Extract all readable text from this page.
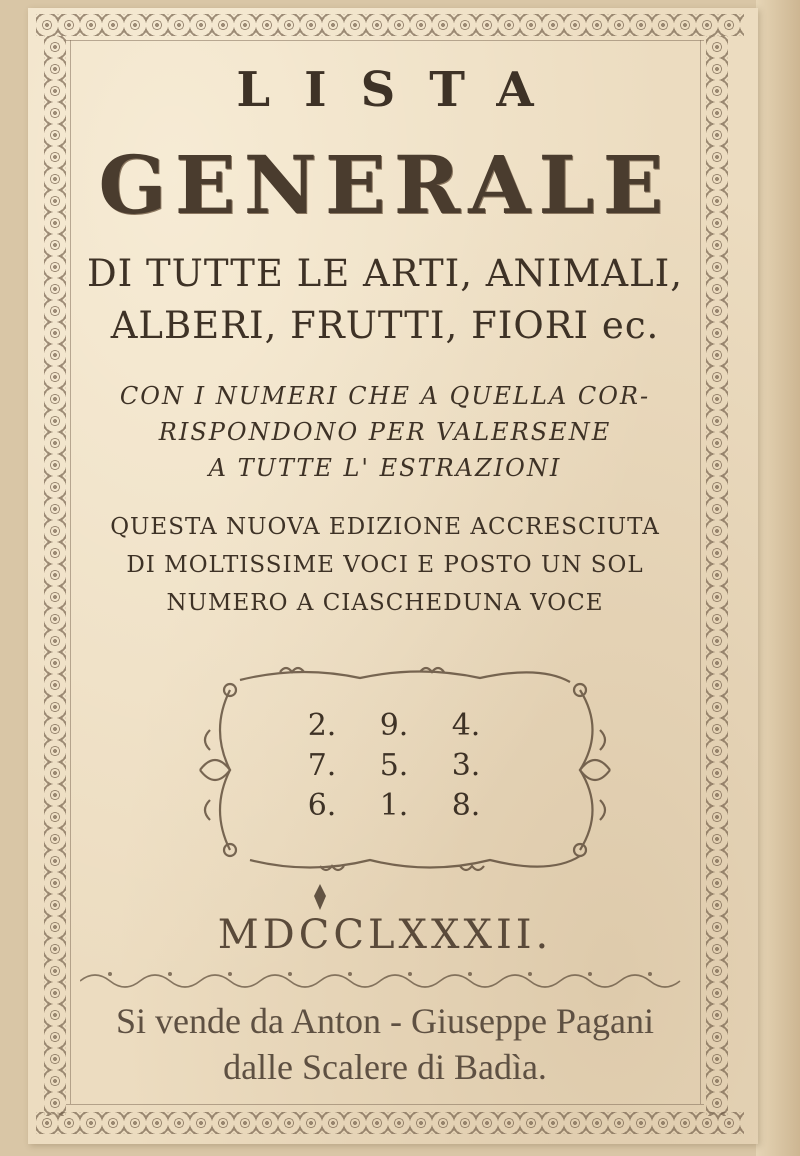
LISTA
GENERALE
DI TUTTE LE ARTI, ANIMALI,
ALBERI, FRUTTI, FIORI ec.
CON I NUMERI CHE A QUELLA COR-
RISPONDONO PER VALERSENE
A TUTTE L' ESTRAZIONI
QUESTA NUOVA EDIZIONE ACCRESCIUTA
DI MOLTISSIME VOCI E POSTO UN SOL
NUMERO A CIASCHEDUNA VOCE
2.	9.	4.
7.	5.	3.
6.	1.	8.
MDCCLXXXII.
Si vende da Anton - Giuseppe Pagani
dalle Scalere di Badìa.
